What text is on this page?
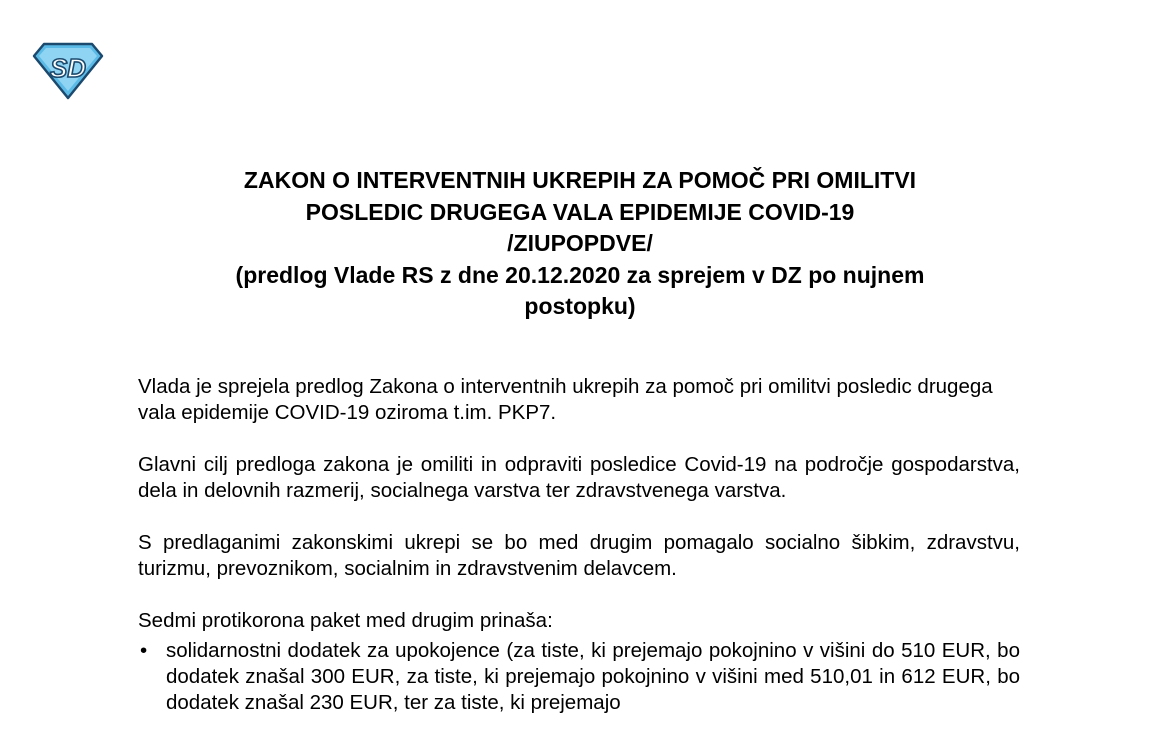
SD
ZAKON O INTERVENTNIH UKREPIH ZA POMOČ PRI OMILITVI
POSLEDIC DRUGEGA VALA EPIDEMIJE COVID-19
/ZIUPOPDVE/
(predlog Vlade RS z dne 20.12.2020 za sprejem v DZ po nujnem
postopku)

Vlada je sprejela predlog Zakona o interventnih ukrepih za pomoč pri omilitvi posledic drugega vala epidemije COVID-19 oziroma t.im. PKP7.

Glavni cilj predloga zakona je omiliti in odpraviti posledice Covid-19 na področje gospodarstva, dela in delovnih razmerij, socialnega varstva ter zdravstvenega varstva.

S predlaganimi zakonskimi ukrepi se bo med drugim pomagalo socialno šibkim, zdravstvu, turizmu, prevoznikom, socialnim in zdravstvenim delavcem.

Sedmi protikorona paket med drugim prinaša:

• solidarnostni dodatek za upokojence (za tiste, ki prejemajo pokojnino v višini do 510 EUR, bo dodatek znašal 300 EUR, za tiste, ki prejemajo pokojnino v višini med 510,01 in 612 EUR, bo dodatek znašal 230 EUR, ter za tiste, ki prejemajo
